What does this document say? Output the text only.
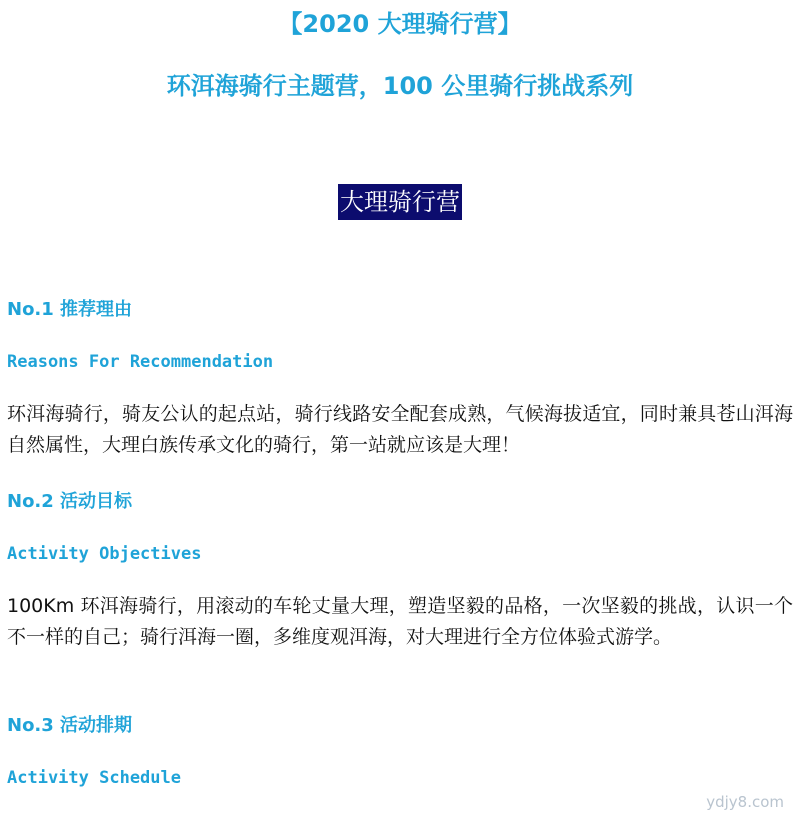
【2020 大理骑行营】
环洱海骑行主题营，100 公里骑行挑战系列
大理骑行营
No.1 推荐理由
Reasons For Recommendation
环洱海骑行，骑友公认的起点站，骑行线路安全配套成熟，气候海拔适宜，同时兼具苍山洱海自然属性，大理白族传承文化的骑行，第一站就应该是大理！
No.2 活动目标
Activity Objectives
100Km 环洱海骑行，用滚动的车轮丈量大理，塑造坚毅的品格，一次坚毅的挑战，认识一个不一样的自己；骑行洱海一圈，多维度观洱海，对大理进行全方位体验式游学。
No.3 活动排期
Activity Schedule
ydjy8.com
